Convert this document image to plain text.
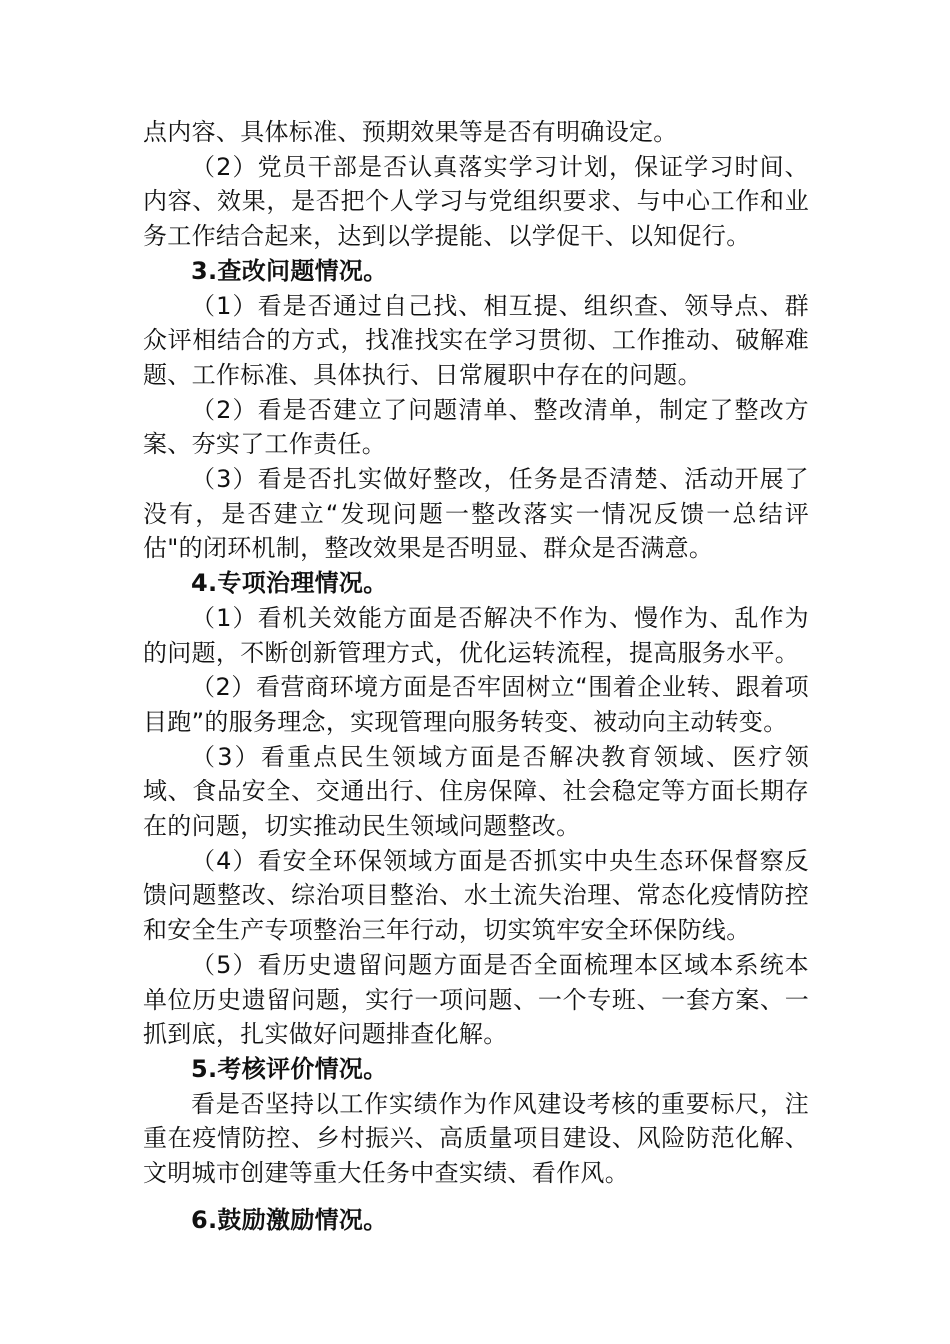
点内容、具体标准、预期效果等是否有明确设定。

（2）党员干部是否认真落实学习计划，保证学习时间、内容、效果，是否把个人学习与党组织要求、与中心工作和业务工作结合起来，达到以学提能、以学促干、以知促行。

3.查改问题情况。

（1）看是否通过自己找、相互提、组织查、领导点、群众评相结合的方式，找准找实在学习贯彻、工作推动、破解难题、工作标准、具体执行、日常履职中存在的问题。

（2）看是否建立了问题清单、整改清单，制定了整改方案、夯实了工作责任。

（3）看是否扎实做好整改，任务是否清楚、活动开展了没有，是否建立“发现问题一整改落实一情况反馈一总结评估"的闭环机制，整改效果是否明显、群众是否满意。

4.专项治理情况。

（1）看机关效能方面是否解决不作为、慢作为、乱作为的问题，不断创新管理方式，优化运转流程，提高服务水平。

（2）看营商环境方面是否牢固树立“围着企业转、跟着项目跑”的服务理念，实现管理向服务转变、被动向主动转变。

（3）看重点民生领域方面是否解决教育领域、医疗领域、食品安全、交通出行、住房保障、社会稳定等方面长期存在的问题，切实推动民生领域问题整改。

（4）看安全环保领域方面是否抓实中央生态环保督察反馈问题整改、综治项目整治、水土流失治理、常态化疫情防控和安全生产专项整治三年行动，切实筑牢安全环保防线。

（5）看历史遗留问题方面是否全面梳理本区域本系统本单位历史遗留问题，实行一项问题、一个专班、一套方案、一抓到底，扎实做好问题排查化解。

5.考核评价情况。

看是否坚持以工作实绩作为作风建设考核的重要标尺，注重在疫情防控、乡村振兴、高质量项目建设、风险防范化解、文明城市创建等重大任务中查实绩、看作风。

6.鼓励激励情况。
